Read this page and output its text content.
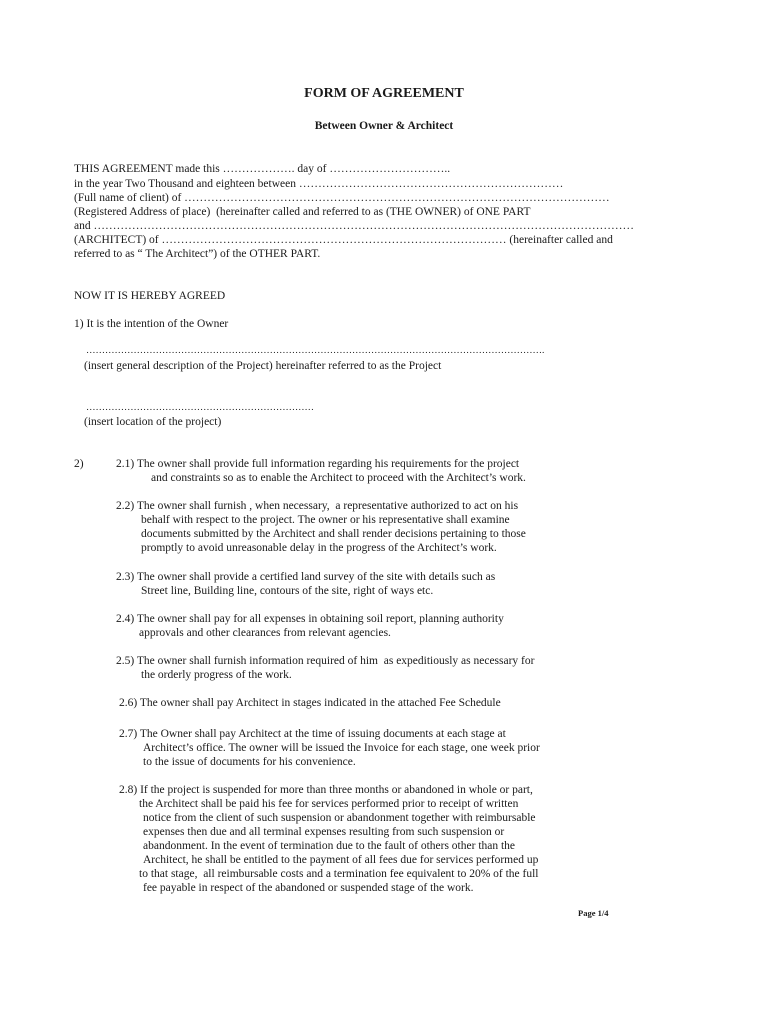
FORM OF AGREEMENT
Between Owner & Architect
THIS AGREEMENT made this ………………. day of …………………………..
in the year Two Thousand and eighteen between ……………………………………………………………
(Full name of client) of …………………………………………………………………………………………………
(Registered Address of place)  (hereinafter called and referred to as (THE OWNER) of ONE PART
and ……………………………………………………………………………………………………………………………
(ARCHITECT) of ……………………………………………………………………………… (hereinafter called and
referred to as “ The Architect”) of the OTHER PART.
NOW IT IS HEREBY AGREED
1) It is the intention of the Owner
……………………………………………………………………………………………………………………………….
(insert general description of the Project) hereinafter referred to as the Project
………………………………………………………………
(insert location of the project)
2)	2.1) The owner shall provide full information regarding his requirements for the project
and constraints so as to enable the Architect to proceed with the Architect’s work.
2.2) The owner shall furnish , when necessary,  a representative authorized to act on his
behalf with respect to the project. The owner or his representative shall examine
documents submitted by the Architect and shall render decisions pertaining to those
promptly to avoid unreasonable delay in the progress of the Architect’s work.
2.3) The owner shall provide a certified land survey of the site with details such as
Street line, Building line, contours of the site, right of ways etc.
2.4) The owner shall pay for all expenses in obtaining soil report, planning authority
approvals and other clearances from relevant agencies.
2.5) The owner shall furnish information required of him  as expeditiously as necessary for
the orderly progress of the work.
2.6) The owner shall pay Architect in stages indicated in the attached Fee Schedule
2.7) The Owner shall pay Architect at the time of issuing documents at each stage at
Architect’s office. The owner will be issued the Invoice for each stage, one week prior
to the issue of documents for his convenience.
2.8) If the project is suspended for more than three months or abandoned in whole or part,
the Architect shall be paid his fee for services performed prior to receipt of written
notice from the client of such suspension or abandonment together with reimbursable
expenses then due and all terminal expenses resulting from such suspension or
abandonment. In the event of termination due to the fault of others other than the
Architect, he shall be entitled to the payment of all fees due for services performed up
to that stage,  all reimbursable costs and a termination fee equivalent to 20% of the full
fee payable in respect of the abandoned or suspended stage of the work.
Page 1/4
